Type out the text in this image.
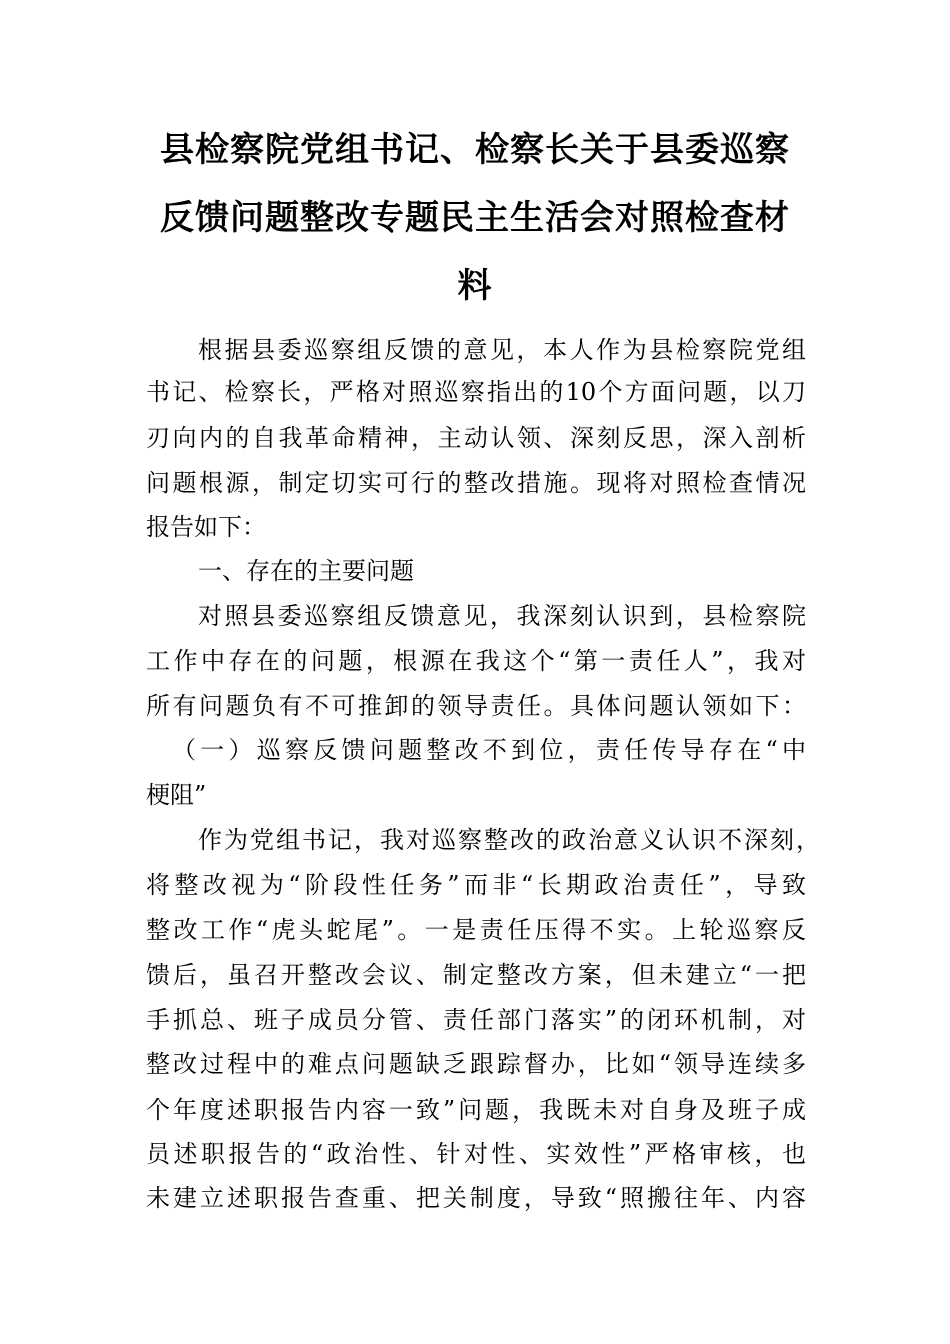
县检察院党组书记、检察长关于县委巡察
反馈问题整改专题民主生活会对照检查材
料
根据县委巡察组反馈的意见，本人作为县检察院党组
书记、检察长，严格对照巡察指出的10个方面问题，以刀
刃向内的自我革命精神，主动认领、深刻反思，深入剖析
问题根源，制定切实可行的整改措施。现将对照检查情况
报告如下：
一、存在的主要问题
对照县委巡察组反馈意见，我深刻认识到，县检察院
工作中存在的问题，根源在我这个“第一责任人”，我对
所有问题负有不可推卸的领导责任。具体问题认领如下：
（一）巡察反馈问题整改不到位，责任传导存在“中
梗阻”
作为党组书记，我对巡察整改的政治意义认识不深刻，
将整改视为“阶段性任务”而非“长期政治责任”，导致
整改工作“虎头蛇尾”。一是责任压得不实。上轮巡察反
馈后，虽召开整改会议、制定整改方案，但未建立“一把
手抓总、班子成员分管、责任部门落实”的闭环机制，对
整改过程中的难点问题缺乏跟踪督办，比如“领导连续多
个年度述职报告内容一致”问题，我既未对自身及班子成
员述职报告的“政治性、针对性、实效性”严格审核，也
未建立述职报告查重、把关制度，导致“照搬往年、内容
